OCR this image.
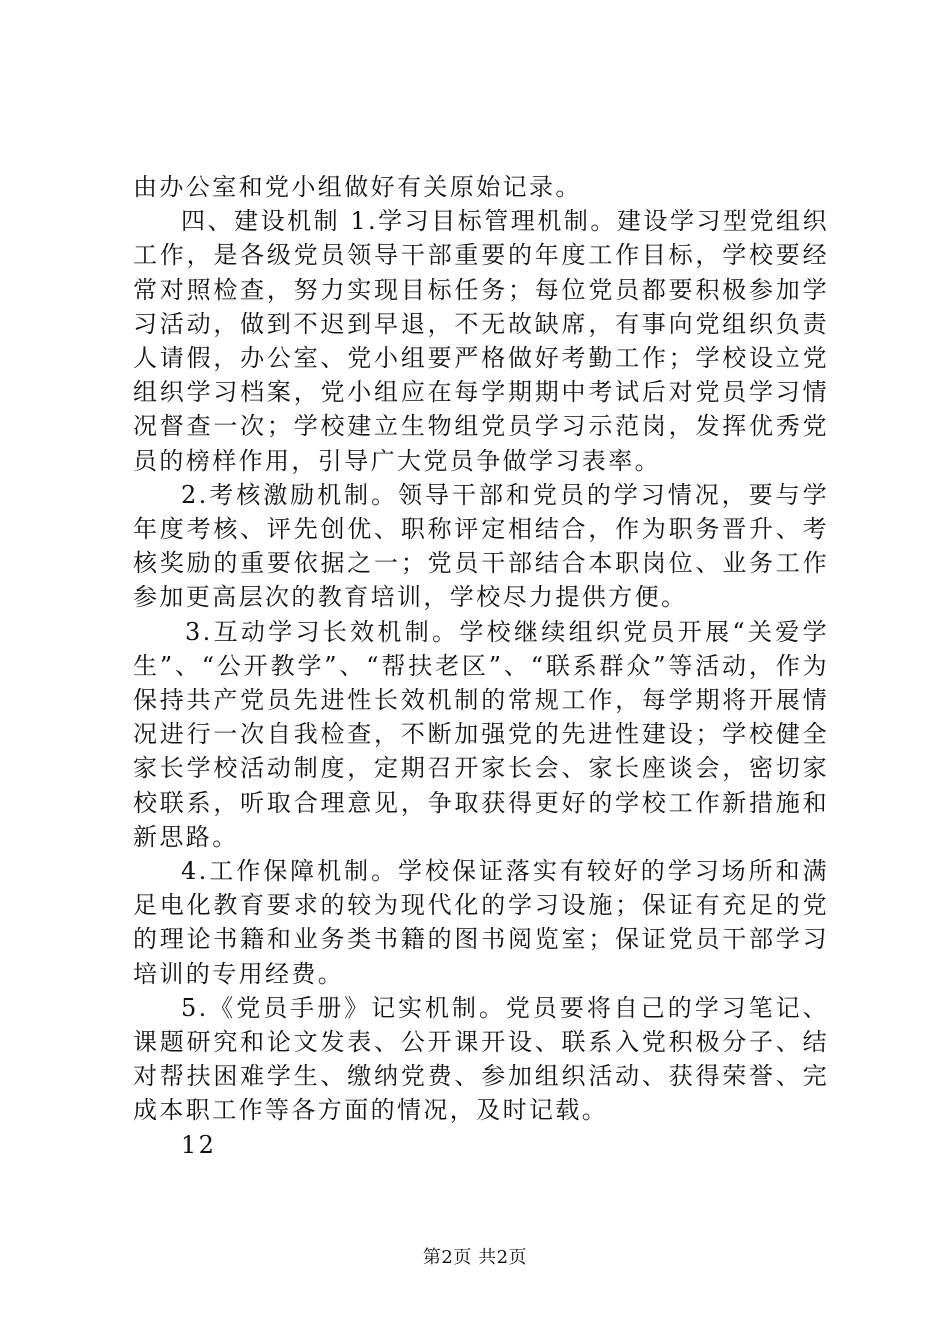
由办公室和党小组做好有关原始记录。

四、建设机制 1.学习目标管理机制。建设学习型党组织工作，是各级党员领导干部重要的年度工作目标，学校要经常对照检查，努力实现目标任务；每位党员都要积极参加学习活动，做到不迟到早退，不无故缺席，有事向党组织负责人请假，办公室、党小组要严格做好考勤工作；学校设立党组织学习档案，党小组应在每学期期中考试后对党员学习情况督查一次；学校建立生物组党员学习示范岗，发挥优秀党员的榜样作用，引导广大党员争做学习表率。

2.考核激励机制。领导干部和党员的学习情况，要与学年度考核、评先创优、职称评定相结合，作为职务晋升、考核奖励的重要依据之一；党员干部结合本职岗位、业务工作参加更高层次的教育培训，学校尽力提供方便。

3.互动学习长效机制。学校继续组织党员开展“关爱学生”、“公开教学”、“帮扶老区”、“联系群众”等活动，作为保持共产党员先进性长效机制的常规工作，每学期将开展情况进行一次自我检查，不断加强党的先进性建设；学校健全家长学校活动制度，定期召开家长会、家长座谈会，密切家校联系，听取合理意见，争取获得更好的学校工作新措施和新思路。

4.工作保障机制。学校保证落实有较好的学习场所和满足电化教育要求的较为现代化的学习设施；保证有充足的党的理论书籍和业务类书籍的图书阅览室；保证党员干部学习培训的专用经费。

5.《党员手册》记实机制。党员要将自己的学习笔记、课题研究和论文发表、公开课开设、联系入党积极分子、结对帮扶困难学生、缴纳党费、参加组织活动、获得荣誉、完成本职工作等各方面的情况，及时记载。

12

第2页 共2页
